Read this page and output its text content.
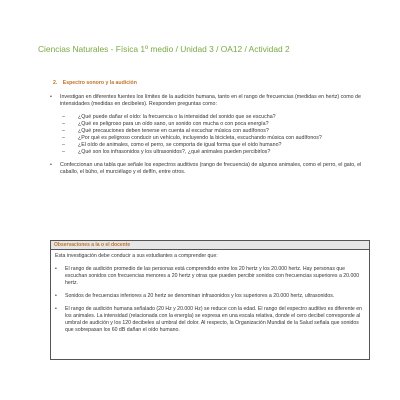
Ciencias Naturales - Física 1º medio / Unidad 3 / OA12 / Actividad 2
2. Espectro sonoro y la audición
• Investigan en diferentes fuentes los límites de la audición humana, tanto en el rango de frecuencias (medidas en hertz) como de intensidades (medidas en decibeles). Responden preguntas como:
– ¿Qué puede dañar el oído: la frecuencia o la intensidad del sonido que se escucha?
– ¿Qué es peligroso para un oído sano, un sonido con mucha o con poca energía?
– ¿Qué precauciones deben tenerse en cuenta al escuchar música con audífonos?
– ¿Por qué es peligroso conducir un vehículo, incluyendo la bicicleta, escuchando música con audífonos?
– ¿El oído de animales, como el perro, se comporta de igual forma que el oído humano?
– ¿Qué son los infrasonidos y los ultrasonidos?, ¿qué animales pueden percibirlos?
• Confeccionan una tabla que señale los espectros auditivos (rango de frecuencia) de algunos animales, como el perro, el gato, el caballo, el búho, el murciélago y el delfín, entre otros.
Observaciones a la o el docente

Esta investigación debe conducir a sus estudiantes a comprender que:

• El rango de audición promedio de las personas está comprendido entre los 20 hertz y los 20.000 hertz. Hay personas que escuchan sonidos con frecuencias menores a 20 hertz y otras que pueden percibir sonidos con frecuencias superiores a 20.000 hertz.
• Sonidos de frecuencias inferiores a 20 hertz se denominan infrasonidos y los superiores a 20.000 hertz, ultrasonidos.
• El rango de audición humana señalado (20 Hz y 20.000 Hz) se reduce con la edad. El rango del espectro auditivo es diferente en los animales. La intensidad (relacionada con la energía) se expresa en una escala relativa, donde el cero decibel corresponde al umbral de audición y los 120 decibeles al umbral del dolor. Al respecto, la Organización Mundial de la Salud señala que sonidos que sobrepasan los 60 dB dañan el oído humano.
